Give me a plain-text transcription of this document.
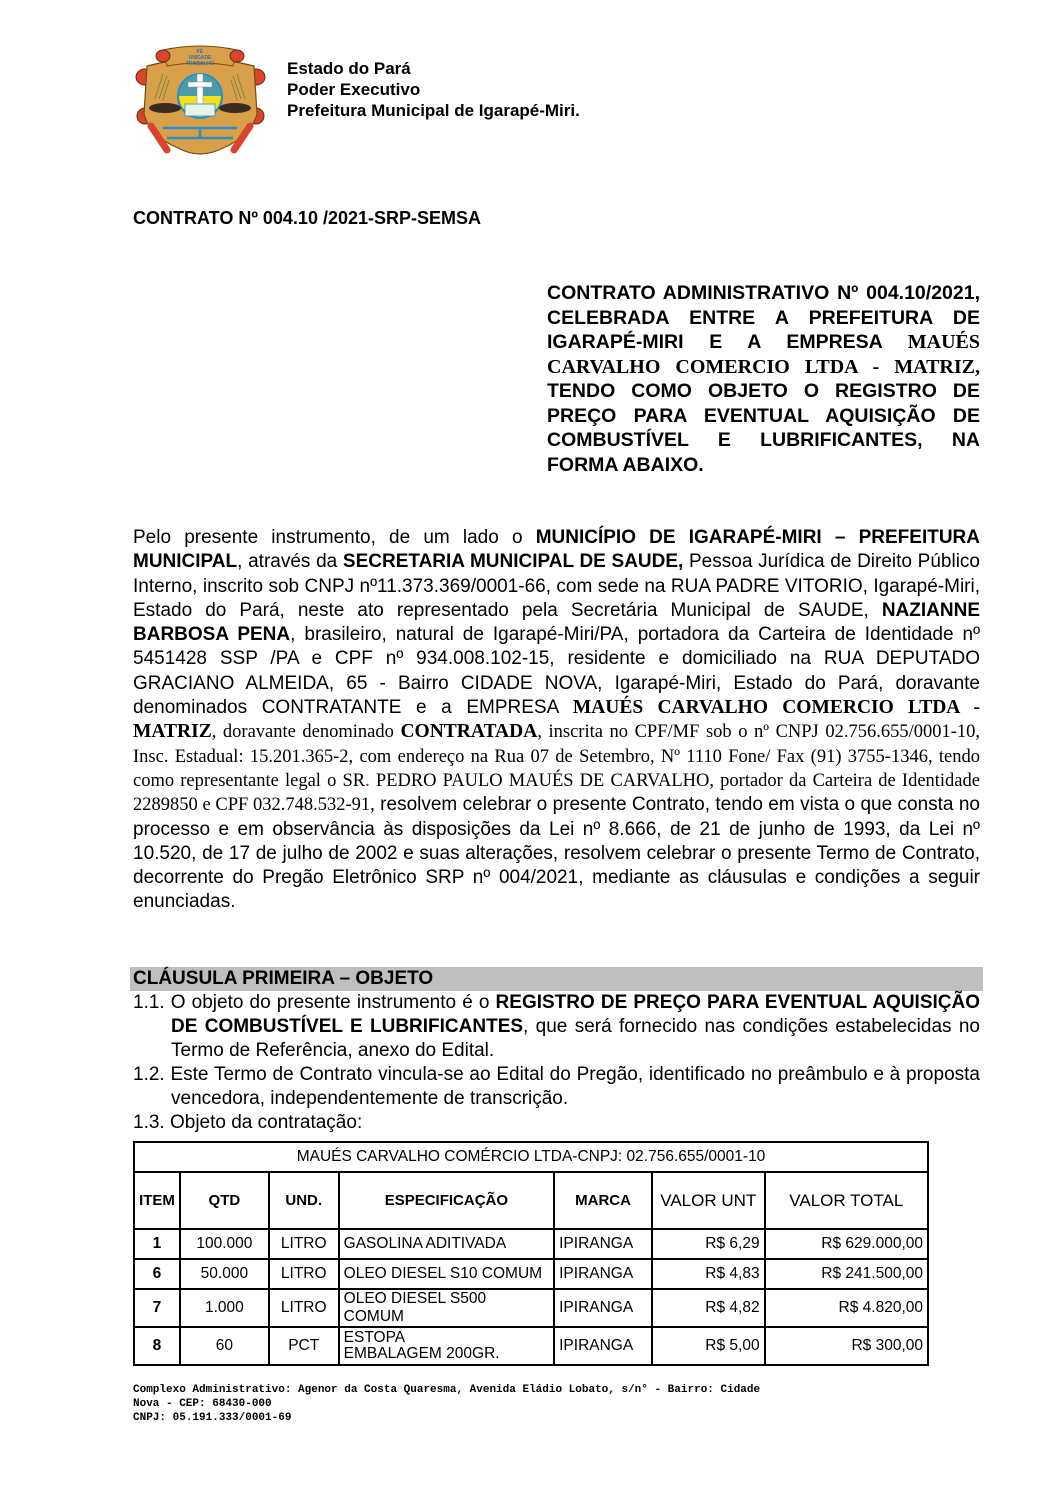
FÉ
UNIDADE
TRABALHO	Estado do Pará
Poder Executivo
Prefeitura Municipal de Igarapé-Miri.
CONTRATO Nº 004.10 /2021-SRP-SEMSA
CONTRATO ADMINISTRATIVO Nº 004.10/2021, CELEBRADA ENTRE A PREFEITURA DE IGARAPÉ-MIRI E A EMPRESA MAUÉS CARVALHO COMERCIO LTDA - MATRIZ, TENDO COMO OBJETO O REGISTRO DE PREÇO PARA EVENTUAL AQUISIÇÃO DE COMBUSTÍVEL E LUBRIFICANTES, NA FORMA ABAIXO.
Pelo presente instrumento, de um lado o MUNICÍPIO DE IGARAPÉ-MIRI – PREFEITURA MUNICIPAL, através da SECRETARIA MUNICIPAL DE SAUDE, Pessoa Jurídica de Direito Público Interno, inscrito sob CNPJ nº11.373.369/0001-66, com sede na RUA PADRE VITORIO, Igarapé-Miri, Estado do Pará, neste ato representado pela Secretária Municipal de SAUDE, NAZIANNE BARBOSA PENA, brasileiro, natural de Igarapé-Miri/PA, portadora da Carteira de Identidade nº 5451428 SSP /PA e CPF nº 934.008.102-15, residente e domiciliado na RUA DEPUTADO GRACIANO ALMEIDA, 65 - Bairro CIDADE NOVA, Igarapé-Miri, Estado do Pará, doravante denominados CONTRATANTE e a EMPRESA MAUÉS CARVALHO COMERCIO LTDA - MATRIZ, doravante denominado CONTRATADA, inscrita no CPF/MF sob o nº CNPJ 02.756.655/0001-10, Insc. Estadual: 15.201.365-2, com endereço na Rua 07 de Setembro, Nº 1110 Fone/ Fax (91) 3755-1346, tendo como representante legal o SR. PEDRO PAULO MAUÉS DE CARVALHO, portador da Carteira de Identidade 2289850 e CPF 032.748.532-91, resolvem celebrar o presente Contrato, tendo em vista o que consta no processo e em observância às disposições da Lei nº 8.666, de 21 de junho de 1993, da Lei nº 10.520, de 17 de julho de 2002 e suas alterações, resolvem celebrar o presente Termo de Contrato, decorrente do Pregão Eletrônico SRP nº 004/2021, mediante as cláusulas e condições a seguir enunciadas.
CLÁUSULA PRIMEIRA – OBJETO
1.1. O objeto do presente instrumento é o REGISTRO DE PREÇO PARA EVENTUAL AQUISIÇÃO DE COMBUSTÍVEL E LUBRIFICANTES, que será fornecido nas condições estabelecidas no Termo de Referência, anexo do Edital.
1.2. Este Termo de Contrato vincula-se ao Edital do Pregão, identificado no preâmbulo e à proposta vencedora, independentemente de transcrição.
1.3. Objeto da contratação:
MAUÉS CARVALHO COMÉRCIO LTDA-CNPJ: 02.756.655/0001-10						
ITEM	QTD	UND.	ESPECIFICAÇÃO	MARCA	VALOR UNT	VALOR TOTAL
1	100.000	LITRO	GASOLINA ADITIVADA	IPIRANGA	R$ 6,29	R$ 629.000,00
6	50.000	LITRO	OLEO DIESEL S10 COMUM	IPIRANGA	R$ 4,83	R$ 241.500,00
7	1.000	LITRO	OLEO DIESEL S500 COMUM	IPIRANGA	R$ 4,82	R$ 4.820,00
8	60	PCT	ESTOPA EMBALAGEM 200GR.	IPIRANGA	R$ 5,00	R$ 300,00
Complexo Administrativo: Agenor da Costa Quaresma, Avenida Eládio Lobato, s/n° - Bairro: Cidade
Nova - CEP: 68430-000
CNPJ: 05.191.333/0001-69
